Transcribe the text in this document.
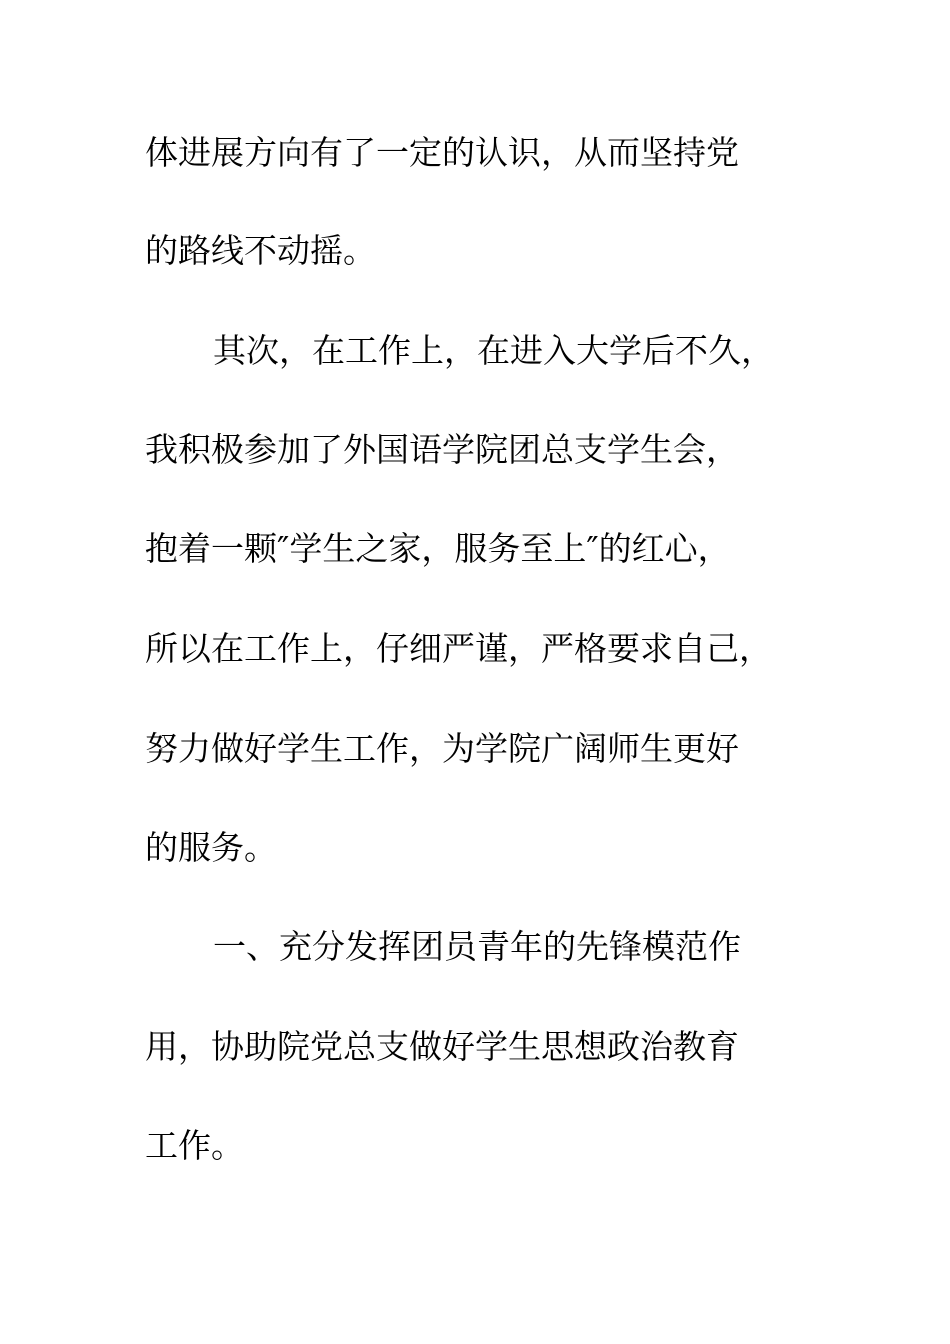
体进展方向有了一定的认识，从而坚持党
的路线不动摇。
其次，在工作上，在进入大学后不久，
我积极参加了外国语学院团总支学生会，
抱着一颗″学生之家，服务至上″的红心，
所以在工作上，仔细严谨，严格要求自己，
努力做好学生工作，为学院广阔师生更好
的服务。
一、充分发挥团员青年的先锋模范作
用，协助院党总支做好学生思想政治教育
工作。
